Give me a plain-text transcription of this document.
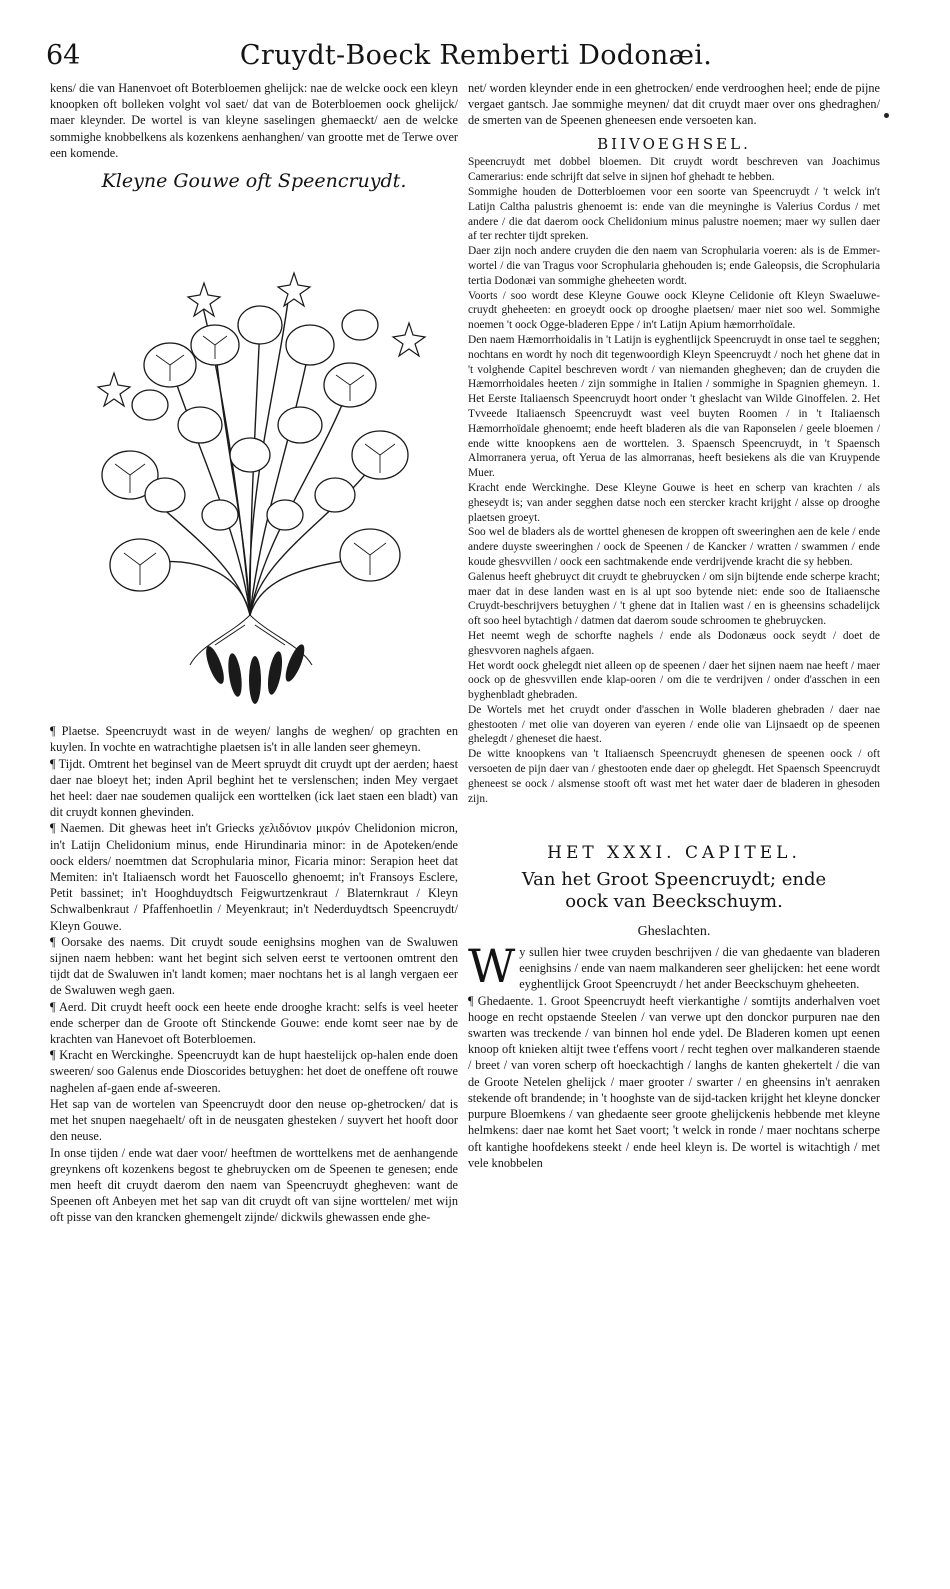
64	Cruydt-Boeck Remberti Dodonæi.

kens/ die van Hanenvoet oft Boterbloemen ghelijck: nae de welcke oock een kleyn knoopken oft bolleken volght vol saet/ dat van de Boterbloemen oock ghelijck/ maer kleynder. De wortel is van kleyne saselingen ghemaeckt/ aen de welcke sommighe knobbelkens als kozenkens aenhanghen/ van grootte met de Terwe over een komende.

Kleyne Gouwe oft Speencruydt.

¶ Plaetse. Speencruydt wast in de weyen/ langhs de weghen/ op grachten en kuylen. In vochte en watrachtighe plaetsen is't in alle landen seer ghemeyn.

¶ Tijdt. Omtrent het beginsel van de Meert spruydt dit cruydt upt der aerden; haest daer nae bloeyt het; inden April beghint het te verslenschen; inden Mey vergaet het heel: daer nae soudemen qualijck een worttelken (ick laet staen een bladt) van dit cruydt konnen ghevinden.

¶ Naemen. Dit ghewas heet in't Griecks χελιδόνιον μικρόν Chelidonion micron, in't Latijn Chelidonium minus, ende Hirundinaria minor: in de Apoteken/ende oock elders/ noemtmen dat Scrophularia minor, Ficaria minor: Serapion heet dat Memiten: in't Italiaensch wordt het Fauoscello ghenoemt; in't Fransoys Esclere, Petit bassinet; in't Hooghduydtsch Feigwurtzenkraut / Blaternkraut / Kleyn Schwalbenkraut / Pfaffenhoetlin / Meyenkraut; in't Nederduydtsch Speencruydt/ Kleyn Gouwe.

¶ Oorsake des naems. Dit cruydt soude eenighsins moghen van de Swaluwen sijnen naem hebben: want het begint sich selven eerst te vertoonen omtrent den tijdt dat de Swaluwen in't landt komen; maer nochtans het is al langh vergaen eer de Swaluwen wegh gaen.

¶ Aerd. Dit cruydt heeft oock een heete ende drooghe kracht: selfs is veel heeter ende scherper dan de Groote oft Stinckende Gouwe: ende komt seer nae by de krachten van Hanevoet oft Boterbloemen.

¶ Kracht en Werckinghe. Speencruydt kan de hupt haestelijck op-halen ende doen sweeren/ soo Galenus ende Dioscorides betuyghen: het doet de oneffene oft rouwe naghelen af-gaen ende af-sweeren.

Het sap van de wortelen van Speencruydt door den neuse op-ghetrocken/ dat is met het snupen naegehaelt/ oft in de neusgaten ghesteken / suyvert het hooft door den neuse.

In onse tijden / ende wat daer voor/ heeftmen de worttelkens met de aenhangende greynkens oft kozenkens begost te ghebruycken om de Speenen te genesen; ende men heeft dit cruydt daerom den naem van Speencruydt ghegheven: want de Speenen oft Anbeyen met het sap van dit cruydt oft van sijne worttelen/ met wijn oft pisse van den krancken ghemengelt zijnde/ dickwils ghewassen ende ghe-

net/ worden kleynder ende in een ghetrocken/ ende verdrooghen heel; ende de pijne vergaet gantsch. Jae sommighe meynen/ dat dit cruydt maer over ons ghedraghen/ de smerten van de Speenen gheneesen ende versoeten kan.

BIIVOEGHSEL.

Speencruydt met dobbel bloemen. Dit cruydt wordt beschreven van Joachimus Camerarius: ende schrijft dat selve in sijnen hof ghehadt te hebben.

Sommighe houden de Dotterbloemen voor een soorte van Speencruydt / 't welck in't Latijn Caltha palustris ghenoemt is: ende van die meyninghe is Valerius Cordus / met andere / die dat daerom oock Chelidonium minus palustre noemen; maer wy sullen daer af ter rechter tijdt spreken.

Daer zijn noch andere cruyden die den naem van Scrophularia voeren: als is de Emmer-wortel / die van Tragus voor Scrophularia ghehouden is; ende Galeopsis, die Scrophularia tertia Dodonæi van sommighe gheheeten wordt.

Voorts / soo wordt dese Kleyne Gouwe oock Kleyne Celidonie oft Kleyn Swaeluwe-cruydt gheheeten: en groeydt oock op drooghe plaetsen/ maer niet soo wel. Sommighe noemen 't oock Ogge-bladeren Eppe / in't Latijn Apium hæmorrhoïdale.

Den naem Hæmorrhoidalis in 't Latijn is eyghentlijck Speencruydt in onse tael te segghen; nochtans en wordt hy noch dit tegenwoordigh Kleyn Speencruydt / noch het ghene dat in 't volghende Capitel beschreven wordt / van niemanden ghegheven; dan de cruyden die Hæmorrhoidales heeten / zijn sommighe in Italien / sommighe in Spagnien ghemeyn. 1. Het Eerste Italiaensch Speencruydt hoort onder 't gheslacht van Wilde Ginoffelen. 2. Het Tvveede Italiaensch Speencruydt wast veel buyten Roomen / in 't Italiaensch Hæmorrhoïdale ghenoemt; ende heeft bladeren als die van Raponselen / geele bloemen / ende witte knoopkens aen de worttelen. 3. Spaensch Speencruydt, in 't Spaensch Almorranera yerua, oft Yerua de las almorranas, heeft besiekens als die van Kruypende Muer.

Kracht ende Werckinghe. Dese Kleyne Gouwe is heet en scherp van krachten / als gheseydt is; van ander segghen datse noch een stercker kracht krijght / alsse op drooghe plaetsen groeyt.

Soo wel de bladers als de worttel ghenesen de kroppen oft sweeringhen aen de kele / ende andere duyste sweeringhen / oock de Speenen / de Kancker / wratten / swammen / ende koude ghesvvillen / oock een sachtmakende ende verdrijvende kracht die sy hebben.

Galenus heeft ghebruyct dit cruydt te ghebruycken / om sijn bijtende ende scherpe kracht; maer dat in dese landen wast en is al upt soo bytende niet: ende soo de Italiaensche Cruydt-beschrijvers betuyghen / 't ghene dat in Italien wast / en is gheensins schadelijck oft soo heel bytachtigh / datmen dat daerom soude schroomen te ghebruycken.

Het neemt wegh de schorfte naghels / ende als Dodonæus oock seydt / doet de ghesvvoren naghels afgaen.

Het wordt oock ghelegdt niet alleen op de speenen / daer het sijnen naem nae heeft / maer oock op de ghesvvillen ende klap-ooren / om die te verdrijven / onder d'asschen in een byghenbladt ghebraden.

De Wortels met het cruydt onder d'asschen in Wolle bladeren ghebraden / daer nae ghestooten / met olie van doyeren van eyeren / ende olie van Lijnsaedt op de speenen ghelegdt / gheneset die haest.

De witte knoopkens van 't Italiaensch Speencruydt ghenesen de speenen oock / oft versoeten de pijn daer van / ghestooten ende daer op ghelegdt. Het Spaensch Speencruydt gheneest se oock / alsmense stooft oft wast met het water daer de bladeren in ghesoden zijn.

HET XXXI. CAPITEL.
Van het Groot Speencruydt; ende oock van Beeckschuym.
Gheslachten.

Wy sullen hier twee cruyden beschrijven / die van ghedaente van bladeren eenighsins / ende van naem malkanderen seer ghelijcken: het eene wordt eyghentlijck Groot Speencruydt / het ander Beeckschuym gheheeten.

¶ Ghedaente. 1. Groot Speencruydt heeft vierkantighe / somtijts anderhalven voet hooge en recht opstaende Steelen / van verwe upt den donckor purpuren nae den swarten was treckende / van binnen hol ende ydel. De Bladeren komen upt eenen knoop oft knieken altijt twee t'effens voort / recht teghen over malkanderen staende / breet / van voren scherp oft hoeckachtigh / langhs de kanten ghekertelt / die van de Groote Netelen ghelijck / maer grooter / swarter / en gheensins in't aenraken stekende oft brandende; in 't hooghste van de sijd-tacken krijght het kleyne doncker purpure Bloemkens / van ghedaente seer groote ghelijckenis hebbende met kleyne helmkens: daer nae komt het Saet voort; 't welck in ronde / maer nochtans scherpe oft kantighe hoofdekens steekt / ende heel kleyn is. De wortel is witachtigh / met vele knobbelen
